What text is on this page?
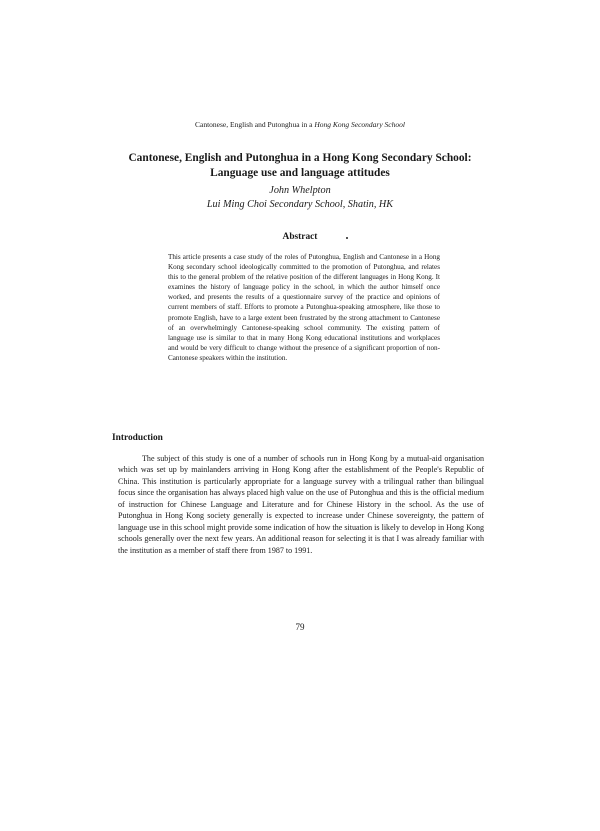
Cantonese, English and Putonghua in a Hong Kong Secondary School
Cantonese, English and Putonghua in a Hong Kong Secondary School: Language use and language attitudes
John Whelpton
Lui Ming Choi Secondary School, Shatin, HK
Abstract
This article presents a case study of the roles of Putonghua, English and Cantonese in a Hong Kong secondary school ideologically committed to the promotion of Putonghua, and relates this to the general problem of the relative position of the different languages in Hong Kong. It examines the history of language policy in the school, in which the author himself once worked, and presents the results of a questionnaire survey of the practice and opinions of current members of staff. Efforts to promote a Putonghua-speaking atmosphere, like those to promote English, have to a large extent been frustrated by the strong attachment to Cantonese of an overwhelmingly Cantonese-speaking school community. The existing pattern of language use is similar to that in many Hong Kong educational institutions and workplaces and would be very difficult to change without the presence of a significant proportion of non-Cantonese speakers within the institution.
Introduction
The subject of this study is one of a number of schools run in Hong Kong by a mutual-aid organisation which was set up by mainlanders arriving in Hong Kong after the establishment of the People's Republic of China. This institution is particularly appropriate for a language survey with a trilingual rather than bilingual focus since the organisation has always placed high value on the use of Putonghua and this is the official medium of instruction for Chinese Language and Literature and for Chinese History in the school. As the use of Putonghua in Hong Kong society generally is expected to increase under Chinese sovereignty, the pattern of language use in this school might provide some indication of how the situation is likely to develop in Hong Kong schools generally over the next few years. An additional reason for selecting it is that I was already familiar with the institution as a member of staff there from 1987 to 1991.
79
